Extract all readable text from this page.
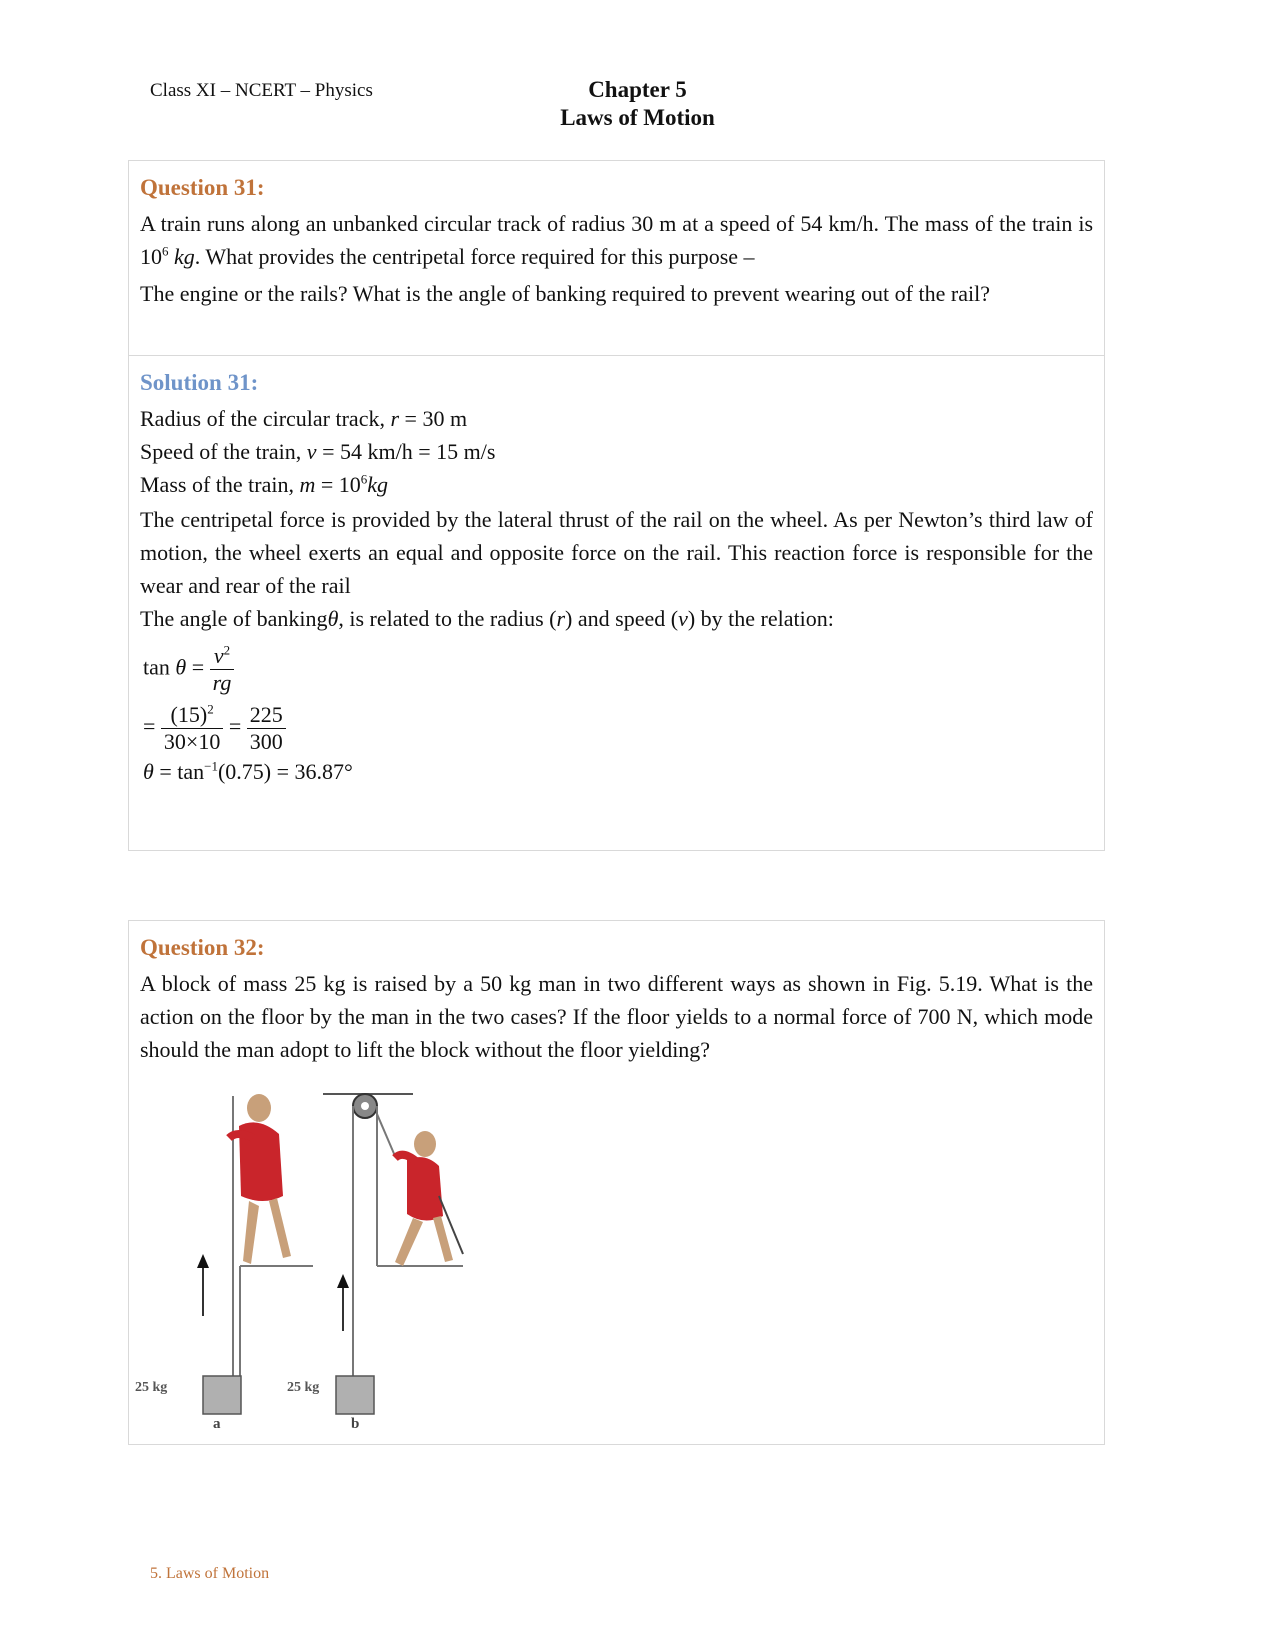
Class XI – NCERT – Physics	Chapter 5
Laws of Motion
Question 31:
A train runs along an unbanked circular track of radius 30 m at a speed of 54 km/h. The mass of the train is $10^6$ kg. What provides the centripetal force required for this purpose –
The engine or the rails? What is the angle of banking required to prevent wearing out of the rail?
Solution 31:
Radius of the circular track, r = 30 m
Speed of the train, v = 54 km/h = 15 m/s
Mass of the train, $m = 10^6kg$
The centripetal force is provided by the lateral thrust of the rail on the wheel. As per Newton’s third law of motion, the wheel exerts an equal and opposite force on the rail. This reaction force is responsible for the wear and rear of the rail
The angle of bankingθ, is related to the radius (r) and speed (v) by the relation:
$\tan \theta = \frac{v^2}{rg}$
= $\frac{(15)^2}{30\times 10} = \frac{225}{300}$
$\theta = \tan^{-1}(0.75) = 36.87^\circ$
Question 32:
A block of mass 25 kg is raised by a 50 kg man in two different ways as shown in Fig. 5.19. What is the action on the floor by the man in the two cases? If the floor yields to a normal force of 700 N, which mode should the man adopt to lift the block without the floor yielding?
a
25 kg
b
25 kg
5. Laws of Motion
